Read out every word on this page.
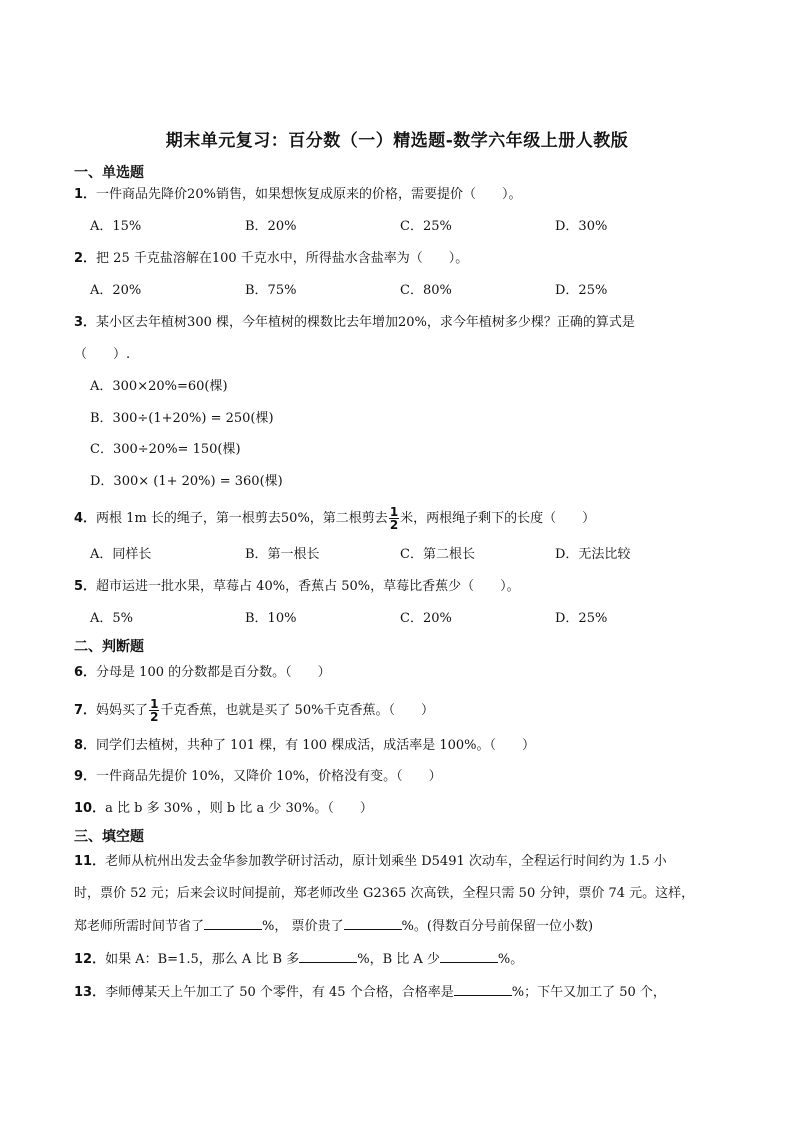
期末单元复习：百分数（一）精选题-数学六年级上册人教版
一、单选题
1．一件商品先降价20%销售，如果想恢复成原来的价格，需要提价（　　）。
A．15%	B．20%	C．25%	D．30%
2．把 25 千克盐溶解在100 千克水中，所得盐水含盐率为（　　）。
A．20%	B．75%	C．80%	D．25%
3．某小区去年植树300 棵，今年植树的棵数比去年增加20%，求今年植树多少棵？正确的算式是
（　　）.
A．300×20%=60(棵)
B．300÷(1+20%) = 250(棵)
C．300÷20%= 150(棵)
D．300× (1+ 20%) = 360(棵)
4．两根 1m 长的绳子，第一根剪去50%，第二根剪去 $\frac{1}{2}$ 米，两根绳子剩下的长度（　　）
A．同样长	B．第一根长	C．第二根长	D．无法比较
5．超市运进一批水果，草莓占 40%，香蕉占 50%，草莓比香蕉少（　　）。
A．5%	B．10%	C．20%	D．25%
二、判断题
6．分母是 100 的分数都是百分数。（　　）
7．妈妈买了 $\frac{1}{2}$ 千克香蕉，也就是买了 50%千克香蕉。（　　）
8．同学们去植树，共种了 101 棵，有 100 棵成活，成活率是 100%。（　　）
9．一件商品先提价 10%，又降价 10%，价格没有变。（　　）
10．a 比 b 多 30% ，则 b 比 a 少 30%。（　　）
三、填空题
11．老师从杭州出发去金华参加教学研讨活动，原计划乘坐 D5491 次动车，全程运行时间约为 1.5 小
时，票价 52 元；后来会议时间提前，郑老师改坐 G2365 次高铁，全程只需 50 分钟，票价 74 元。这样，
郑老师所需时间节省了	%， 票价贵了	%。(得数百分号前保留一位小数)
12．如果 A：B=1.5，那么 A 比 B 多	%，B 比 A 少	%。
13．李师傅某天上午加工了 50 个零件，有 45 个合格，合格率是	%；下午又加工了 50 个，
